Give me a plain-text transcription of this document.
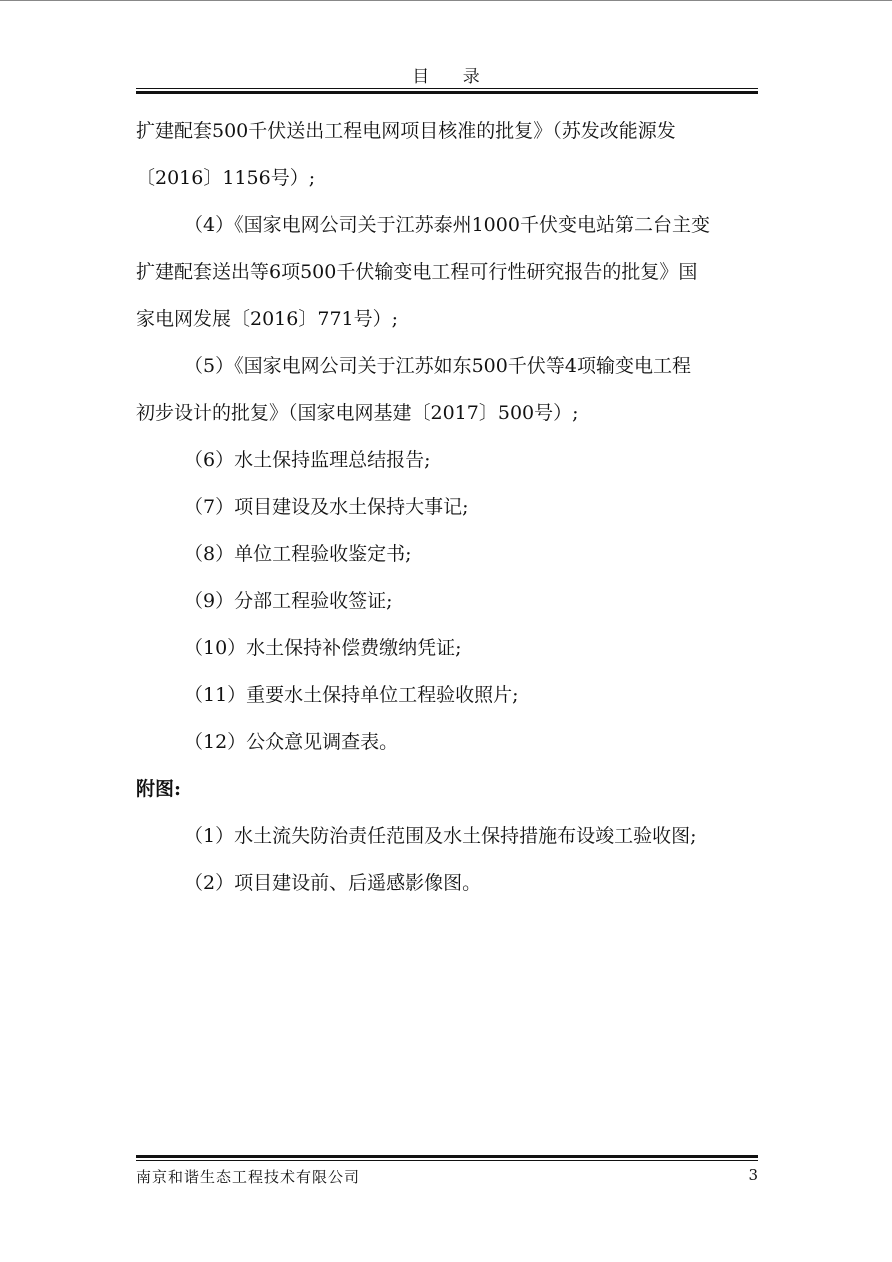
目 录
扩建配套500千伏送出工程电网项目核准的批复》（苏发改能源发
〔2016〕1156号）;
（4）《国家电网公司关于江苏泰州1000千伏变电站第二台主变
扩建配套送出等6项500千伏输变电工程可行性研究报告的批复》国
家电网发展〔2016〕771号）;
（5）《国家电网公司关于江苏如东500千伏等4项输变电工程
初步设计的批复》（国家电网基建〔2017〕500号）;
（6）水土保持监理总结报告;
（7）项目建设及水土保持大事记;
（8）单位工程验收鉴定书;
（9）分部工程验收签证;
（10）水土保持补偿费缴纳凭证;
（11）重要水土保持单位工程验收照片;
（12）公众意见调查表。
附图:
（1）水土流失防治责任范围及水土保持措施布设竣工验收图;
（2）项目建设前、后遥感影像图。
南京和谐生态工程技术有限公司	3
